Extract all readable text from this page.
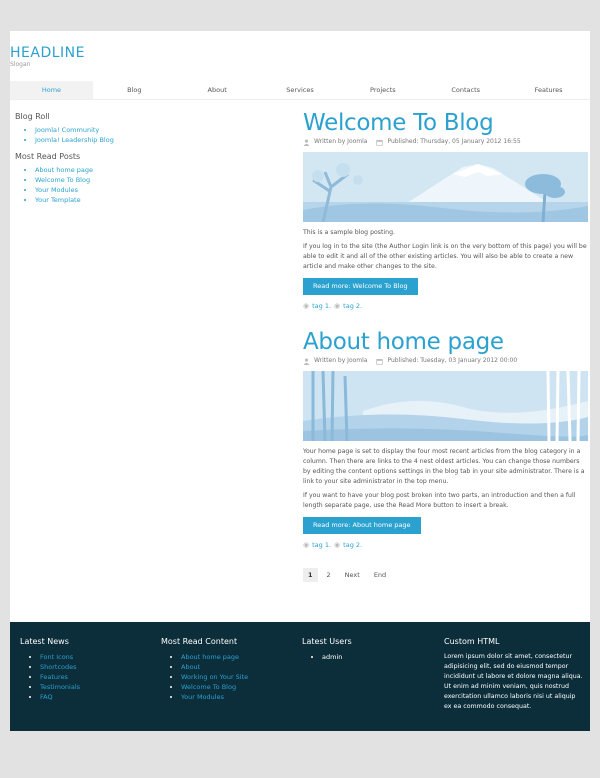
HEADLINE
Slogan
Home	Blog	About	Services	Projects	Contacts	Features
Blog Roll
• Joomla! Community
• Joomla! Leadership Blog
Most Read Posts
• About home page
• Welcome To Blog
• Your Modules
• Your Template
Welcome To Blog
Written by Joomla	Published: Thursday, 05 January 2012 16:55
This is a sample blog posting.
If you log in to the site (the Author Login link is on the very bottom of this page) you will be able to edit it and all of the other existing articles. You will also be able to create a new article and make other changes to the site.
Read more: Welcome To Blog
◉ tag 1. ◉ tag 2.
About home page
Written by Joomla	Published: Tuesday, 03 January 2012 00:00
Your home page is set to display the four most recent articles from the blog category in a column. Then there are links to the 4 nest oldest articles. You can change those numbers by editing the content options settings in the blog tab in your site administrator. There is a link to your site administrator in the top menu.
If you want to have your blog post broken into two parts, an introduction and then a full length separate page, use the Read More button to insert a break.
Read more: About home page
◉ tag 1. ◉ tag 2.
1	2	Next	End
Latest News
• Font Icons
• Shortcodes
• Features
• Testimonials
• FAQ
Most Read Content
• About home page
• About
• Working on Your Site
• Welcome To Blog
• Your Modules
Latest Users
• admin
Custom HTML
Lorem ipsum dolor sit amet, consectetur adipisicing elit, sed do eiusmod tempor incididunt ut labore et dolore magna aliqua. Ut enim ad minim veniam, quis nostrud exercitation ullamco laboris nisi ut aliquip ex ea commodo consequat.
